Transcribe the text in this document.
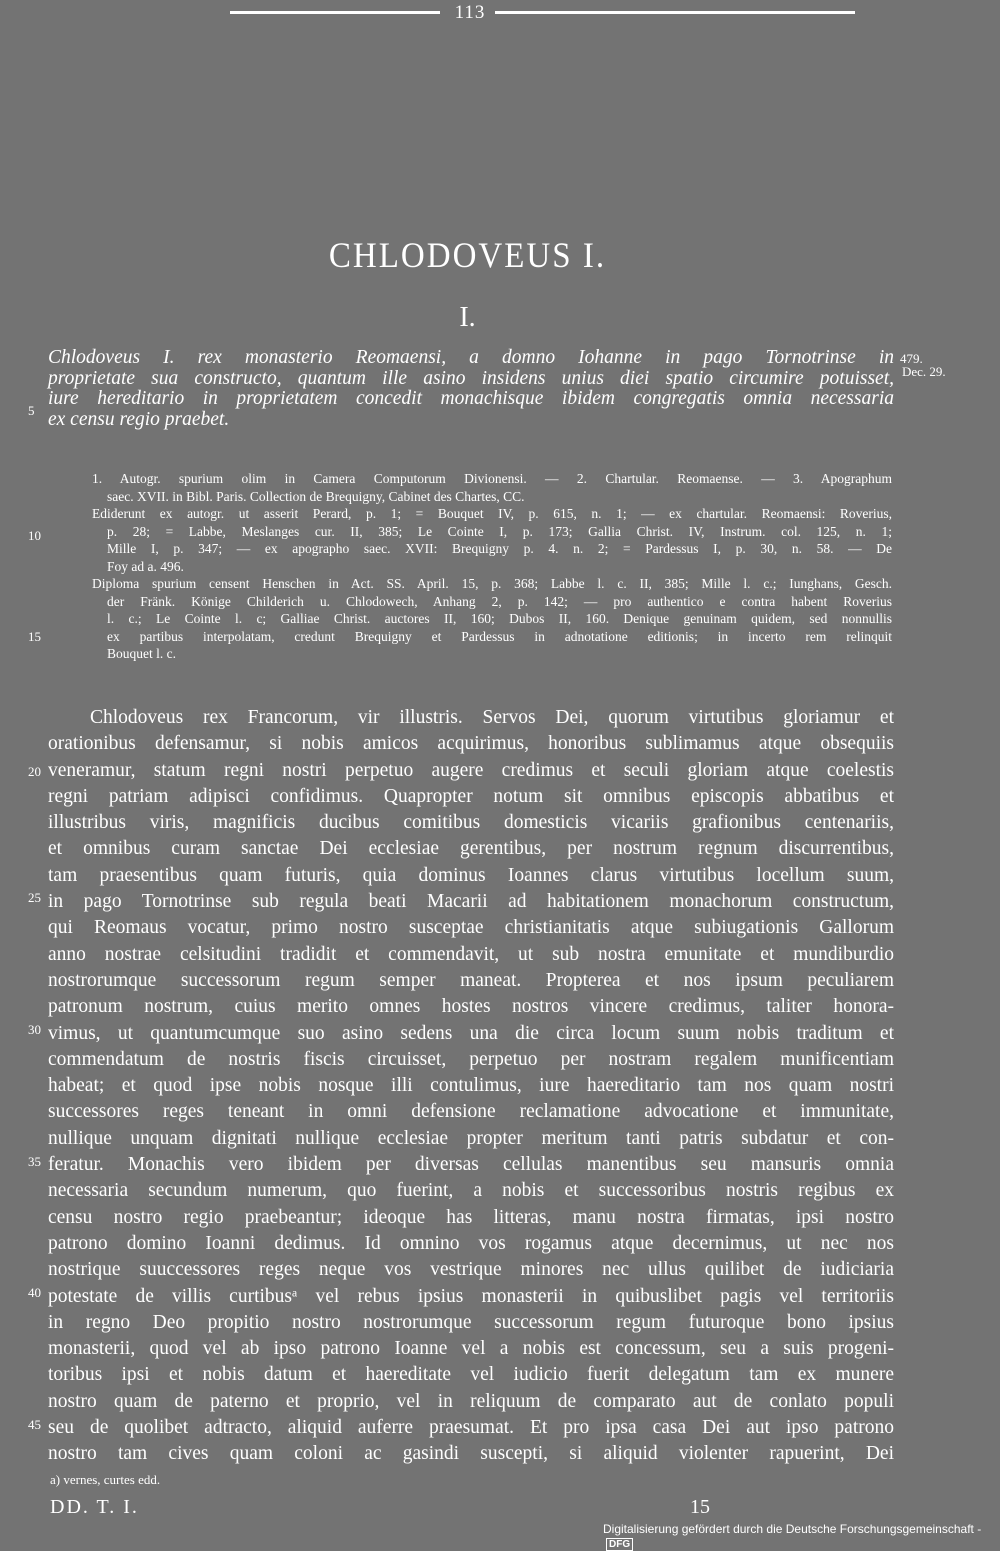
113
CHLODOVEUS I.
I.
479.
Dec. 29.
Chlodoveus I. rex monasterio Reomaensi, a domno Iohanne in pago Tornotrinse in
proprietate sua constructo, quantum ille asino insidens unius diei spatio circumire potuisset,
iure hereditario in proprietatem concedit monachisque ibidem congregatis omnia necessaria
ex censu regio praebet.
1. Autogr. spurium olim in Camera Computorum Divionensi. — 2. Chartular. Reomaense. — 3. Apographum
saec. XVII. in Bibl. Paris. Collection de Brequigny, Cabinet des Chartes, CC.
Ediderunt ex autogr. ut asserit Perard, p. 1; = Bouquet IV, p. 615, n. 1; — ex chartular. Reomaensi: Roverius,
p. 28; = Labbe, Meslanges cur. II, 385; Le Cointe I, p. 173; Gallia Christ. IV, Instrum. col. 125, n. 1;
Mille I, p. 347; — ex apographo saec. XVII: Brequigny p. 4. n. 2; = Pardessus I, p. 30, n. 58. — De
Foy ad a. 496.
Diploma spurium censent Henschen in Act. SS. April. 15, p. 368; Labbe l. c. II, 385; Mille l. c.; Iunghans, Gesch.
der Fränk. Könige Childerich u. Chlodowech, Anhang 2, p. 142; — pro authentico e contra habent Roverius
l. c.; Le Cointe l. c; Galliae Christ. auctores II, 160; Dubos II, 160. Denique genuinam quidem, sed nonnullis
ex partibus interpolatam, credunt Brequigny et Pardessus in adnotatione editionis; in incerto rem relinquit
Bouquet l. c.
Chlodoveus rex Francorum, vir illustris. Servos Dei, quorum virtutibus gloriamur et
orationibus defensamur, si nobis amicos acquirimus, honoribus sublimamus atque obsequiis
veneramur, statum regni nostri perpetuo augere credimus et seculi gloriam atque coelestis
regni patriam adipisci confidimus. Quapropter notum sit omnibus episcopis abbatibus et
illustribus viris, magnificis ducibus comitibus domesticis vicariis grafionibus centenariis,
et omnibus curam sanctae Dei ecclesiae gerentibus, per nostrum regnum discurrentibus,
tam praesentibus quam futuris, quia dominus Ioannes clarus virtutibus locellum suum,
in pago Tornotrinse sub regula beati Macarii ad habitationem monachorum constructum,
qui Reomaus vocatur, primo nostro susceptae christianitatis atque subiugationis Gallorum
anno nostrae celsitudini tradidit et commendavit, ut sub nostra emunitate et mundiburdio
nostrorumque successorum regum semper maneat. Propterea et nos ipsum peculiarem
patronum nostrum, cuius merito omnes hostes nostros vincere credimus, taliter honora-
vimus, ut quantumcumque suo asino sedens una die circa locum suum nobis traditum et
commendatum de nostris fiscis circuisset, perpetuo per nostram regalem munificentiam
habeat; et quod ipse nobis nosque illi contulimus, iure haereditario tam nos quam nostri
successores reges teneant in omni defensione reclamatione advocatione et immunitate,
nullique unquam dignitati nullique ecclesiae propter meritum tanti patris subdatur et con-
feratur. Monachis vero ibidem per diversas cellulas manentibus seu mansuris omnia
necessaria secundum numerum, quo fuerint, a nobis et successoribus nostris regibus ex
censu nostro regio praebeantur; ideoque has litteras, manu nostra firmatas, ipsi nostro
patrono domino Ioanni dedimus. Id omnino vos rogamus atque decernimus, ut nec nos
nostrique suuccessores reges neque vos vestrique minores nec ullus quilibet de iudiciaria
potestate de villis curtibusᵃ vel rebus ipsius monasterii in quibuslibet pagis vel territoriis
in regno Deo propitio nostro nostrorumque successorum regum futuroque bono ipsius
monasterii, quod vel ab ipso patrono Ioanne vel a nobis est concessum, seu a suis progeni-
toribus ipsi et nobis datum et haereditate vel iudicio fuerit delegatum tam ex munere
nostro quam de paterno et proprio, vel in reliquum de comparato aut de conlato populi
seu de quolibet adtracto, aliquid auferre praesumat. Et pro ipsa casa Dei aut ipso patrono
nostro tam cives quam coloni ac gasindi suscepti, si aliquid violenter rapuerint, Dei
5
10
15
20
25
30
35
40
45
a) vernes, curtes edd.
DD. T. I.	15
Digitalisierung gefördert durch die Deutsche Forschungsgemeinschaft -DFG
